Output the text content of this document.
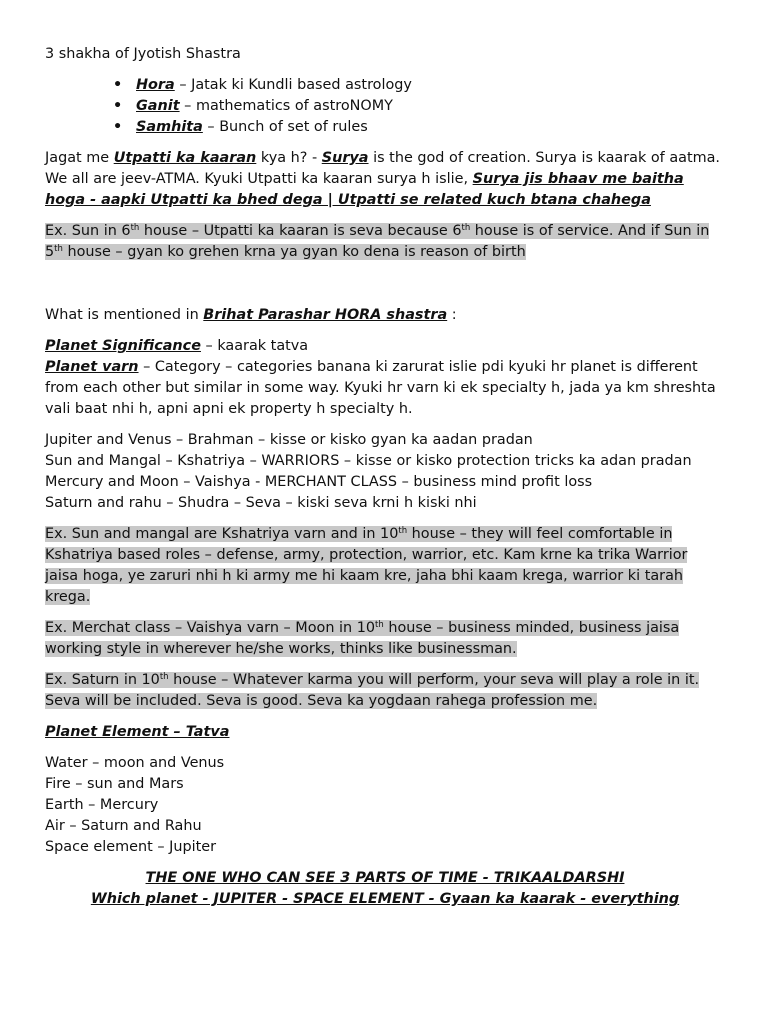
3 shakha of Jyotish Shastra

• Hora – Jatak ki Kundli based astrology
• Ganit – mathematics of astroNOMY
• Samhita – Bunch of set of rules

Jagat me Utpatti ka kaaran kya h? - Surya is the god of creation. Surya is kaarak of aatma. We all are jeev-ATMA. Kyuki Utpatti ka kaaran surya h islie, Surya jis bhaav me baitha hoga - aapki Utpatti ka bhed dega | Utpatti se related kuch btana chahega

Ex. Sun in 6th house – Utpatti ka kaaran is seva because 6th house is of service. And if Sun in 5th house – gyan ko grehen krna ya gyan ko dena is reason of birth

What is mentioned in Brihat Parashar HORA shastra :

Planet Significance – kaarak tatva

Planet varn – Category – categories banana ki zarurat islie pdi kyuki hr planet is different from each other but similar in some way. Kyuki hr varn ki ek specialty h, jada ya km shreshta vali baat nhi h, apni apni ek property h specialty h.

Jupiter and Venus – Brahman – kisse or kisko gyan ka aadan pradan

Sun and Mangal – Kshatriya – WARRIORS – kisse or kisko protection tricks ka adan pradan

Mercury and Moon – Vaishya - MERCHANT CLASS – business mind profit loss

Saturn and rahu – Shudra – Seva – kiski seva krni h kiski nhi

Ex. Sun and mangal are Kshatriya varn and in 10th house – they will feel comfortable in Kshatriya based roles – defense, army, protection, warrior, etc. Kam krne ka trika Warrior jaisa hoga, ye zaruri nhi h ki army me hi kaam kre, jaha bhi kaam krega, warrior ki tarah krega.

Ex. Merchat class – Vaishya varn – Moon in 10th house – business minded, business jaisa working style in wherever he/she works, thinks like businessman.

Ex. Saturn in 10th house – Whatever karma you will perform, your seva will play a role in it. Seva will be included. Seva is good. Seva ka yogdaan rahega profession me.

Planet Element – Tatva

Water – moon and Venus

Fire – sun and Mars

Earth – Mercury

Air – Saturn and Rahu

Space element – Jupiter

THE ONE WHO CAN SEE 3 PARTS OF TIME - TRIKAALDARSHI

Which planet - JUPITER - SPACE ELEMENT - Gyaan ka kaarak - everything
